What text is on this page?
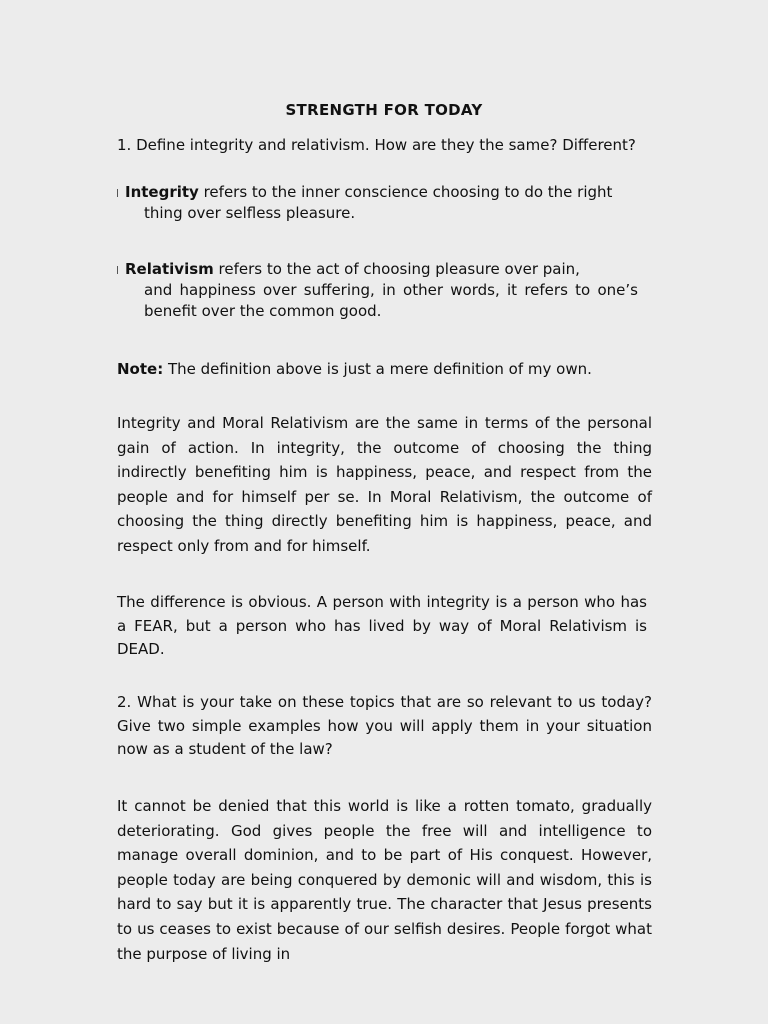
STRENGTH FOR TODAY

1. Define integrity and relativism. How are they the same? Different?

Integrity refers to the inner conscience choosing to do the right
thing over selfless pleasure.
Relativism refers to the act of choosing pleasure over pain,
and happiness over suffering, in other words, it refers to one’s benefit over the common good.

Note: The definition above is just a mere definition of my own.

Integrity and Moral Relativism are the same in terms of the personal gain of action. In integrity, the outcome of choosing the thing indirectly benefiting him is happiness, peace, and respect from the people and for himself per se. In Moral Relativism, the outcome of choosing the thing directly benefiting him is happiness, peace, and respect only from and for himself.

The difference is obvious. A person with integrity is a person who has a FEAR, but a person who has lived by way of Moral Relativism is DEAD.

2. What is your take on these topics that are so relevant to us today? Give two simple examples how you will apply them in your situation now as a student of the law?

It cannot be denied that this world is like a rotten tomato, gradually deteriorating. God gives people the free will and intelligence to manage overall dominion, and to be part of His conquest. However, people today are being conquered by demonic will and wisdom, this is hard to say but it is apparently true. The character that Jesus presents to us ceases to exist because of our selfish desires. People forgot what the purpose of living in
